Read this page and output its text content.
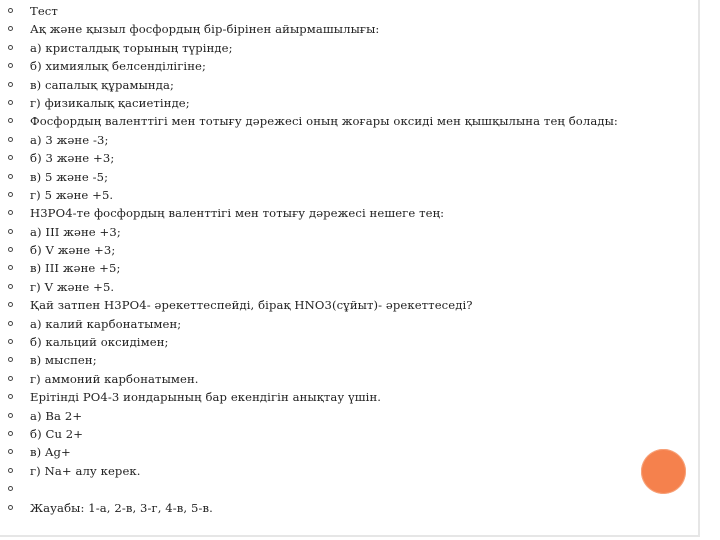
Тест
Ақ және қызыл фосфордың бір-бірінен айырмашылығы:
а) кристалдық торының түрінде;
б) химиялық белсенділігіне;
в) сапалық құрамында;
г) физикалық қасиетінде;
Фосфордың валенттігі мен тотығу дәрежесі оның жоғары оксиді мен қышқылына тең болады:
а) 3 және -3;
б) 3 және +3;
в) 5 және -5;
г) 5 және +5.
Н3РО4-те фосфордың валенттігі мен тотығу дәрежесі нешеге тең:
а) ІІІ және +3;
б) V және +3;
в) ІІІ және +5;
г) V және +5.
Қай затпен Н3РО4- әрекеттеспейді, бірақ HNO3(сұйыт)- әрекеттеседі?
а) калий карбонатымен;
б) кальций оксидімен;
в) мыспен;
г) аммоний карбонатымен.
Ерітінді РО4-3 иондарының бар екендігін анықтау үшін.
а) Ва 2+
б) Cu 2+
в) Ag+
г) Na+ алу керек.
Жауабы: 1-а, 2-в, 3-г, 4-в, 5-в.
